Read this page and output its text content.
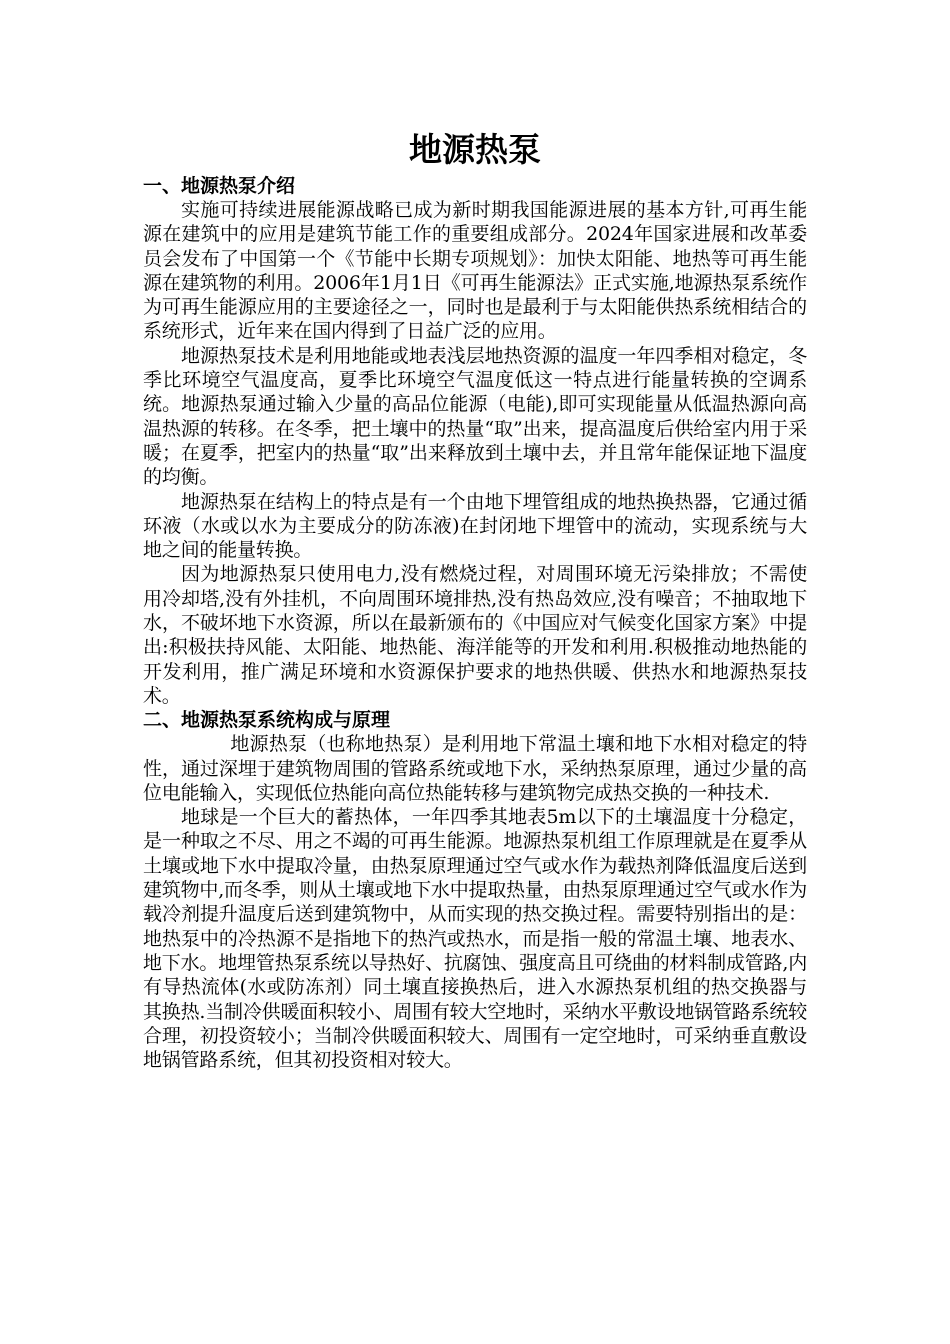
地源热泵
一、地源热泵介绍

实施可持续进展能源战略已成为新时期我国能源进展的基本方针,可再生能源在建筑中的应用是建筑节能工作的重要组成部分。2024年国家进展和改革委员会发布了中国第一个《节能中长期专项规划》：加快太阳能、地热等可再生能源在建筑物的利用。2006年1月1日《可再生能源法》正式实施,地源热泵系统作为可再生能源应用的主要途径之一，同时也是最利于与太阳能供热系统相结合的系统形式，近年来在国内得到了日益广泛的应用。

地源热泵技术是利用地能或地表浅层地热资源的温度一年四季相对稳定，冬季比环境空气温度高，夏季比环境空气温度低这一特点进行能量转换的空调系统。地源热泵通过输入少量的高品位能源（电能),即可实现能量从低温热源向高温热源的转移。在冬季，把土壤中的热量“取”出来，提高温度后供给室内用于采暖；在夏季，把室内的热量“取”出来释放到土壤中去，并且常年能保证地下温度的均衡。

地源热泵在结构上的特点是有一个由地下埋管组成的地热换热器，它通过循环液（水或以水为主要成分的防冻液)在封闭地下埋管中的流动，实现系统与大地之间的能量转换。

因为地源热泵只使用电力,没有燃烧过程，对周围环境无污染排放；不需使用冷却塔,没有外挂机，不向周围环境排热,没有热岛效应,没有噪音；不抽取地下水，不破坏地下水资源，所以在最新颁布的《中国应对气候变化国家方案》中提出:积极扶持风能、太阳能、地热能、海洋能等的开发和利用.积极推动地热能的开发利用，推广满足环境和水资源保护要求的地热供暖、供热水和地源热泵技术。

二、地源热泵系统构成与原理

地源热泵（也称地热泵）是利用地下常温土壤和地下水相对稳定的特性，通过深埋于建筑物周围的管路系统或地下水，采纳热泵原理，通过少量的高位电能输入，实现低位热能向高位热能转移与建筑物完成热交换的一种技术.

地球是一个巨大的蓄热体，一年四季其地表5m以下的土壤温度十分稳定，是一种取之不尽、用之不竭的可再生能源。地源热泵机组工作原理就是在夏季从土壤或地下水中提取冷量，由热泵原理通过空气或水作为载热剂降低温度后送到建筑物中,而冬季，则从土壤或地下水中提取热量，由热泵原理通过空气或水作为载冷剂提升温度后送到建筑物中，从而实现的热交换过程。需要特别指出的是：地热泵中的冷热源不是指地下的热汽或热水，而是指一般的常温土壤、地表水、地下水。地埋管热泵系统以导热好、抗腐蚀、强度高且可绕曲的材料制成管路,内有导热流体(水或防冻剂）同土壤直接换热后，进入水源热泵机组的热交换器与其换热.当制冷供暖面积较小、周围有较大空地时，采纳水平敷设地锅管路系统较合理，初投资较小；当制冷供暖面积较大、周围有一定空地时，可采纳垂直敷设地锅管路系统，但其初投资相对较大。
